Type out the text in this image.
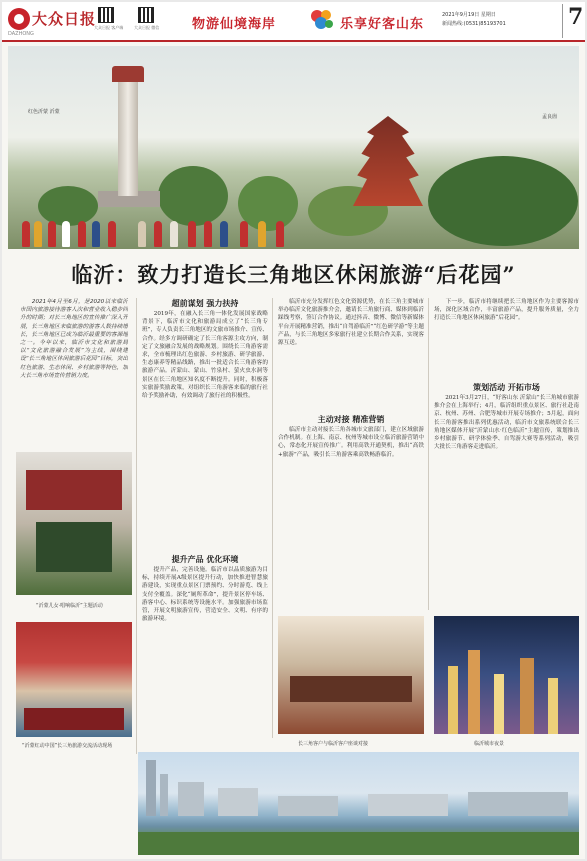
大众日报
DAZHONG
大众日报 客户端	大众日报 微信	物游仙境海岸	乐享好客山东
2021年9月19日 星期日
新闻热线:(0531)85193701	7
红色沂蒙 沂蒙
孟良崮
临沂：致力打造长三角地区休闲旅游“后花园”
　　2021年4月至6月，是2020以来临沂市国内旅游接待游客人次和营业收入稳步回升的时期；对长三角地区的宣传推广深入开展，长三角地区来临旅游的游客人数持续增长，长三角地区已成为临沂最重要的客源地之一。今年以来，临沂市文化和旅游局以“文化旅游融合发展”为主线，围绕建设“长三角地区休闲旅游后花园”目标，突出红色旅游、生态休闲、乡村旅游等特色，加大长三角市场宣传营销力度。
“沂蒙儿女·唱响临沂”主题活动
“沂蒙红动中国”长三角旅游交流活动现场
超前谋划 强力扶持
　　2019年，在融入长三角一体化发展国家战略背景下，临沂市文化和旅游局成立了“长三角专班”，专人负责长三角地区的文旅市场推介、宣传、合作。经多方调研确定了长三角客源主攻方向，制定了文旅融合发展的战略规划。围绕长三角游客需求，全市梳理出红色旅游、乡村旅游、研学旅游、生态康养等精品线路，推出一批适合长三角游客的旅游产品。沂蒙山、蒙山、竹泉村、萤火虫水洞等景区在长三角地区知名度不断提升。同时，积极落实旅游奖励政策，对组织长三角游客来临的旅行社给予奖励补助，有效调动了旅行社的积极性。
提升产品 优化环境
　　提升产品，完善设施。临沂市以品质旅游为目标，持续开展A级景区提升行动，加快推进智慧旅游建设，实现重点景区门票预约、分时游览、线上支付全覆盖。深化“厕所革命”，提升景区停车场、游客中心、标识系统等设施水平。加强旅游市场监管，开展文明旅游宣传，营造安全、文明、有序的旅游环境。
　　临沂市充分发挥红色文化资源优势，在长三角主要城市举办临沂文化旅游推介会，邀请长三角旅行商、媒体到临沂踩线考察，签订合作协议。通过抖音、微博、微信等新媒体平台开展精准营销，推出“自驾游临沂”“红色研学游”等主题产品，与长三角地区多家旅行社建立长期合作关系，实现客源互送。
主动对接 精准营销
　　临沂市主动对接长三角各城市文旅部门，建立区域旅游合作机制。在上海、南京、杭州等城市设立临沂旅游营销中心，常态化开展宣传推广。利用高铁开通契机，推出“高铁+旅游”产品，吸引长三角游客乘高铁畅游临沂。
　　下一步，临沂市将继续把长三角地区作为主要客源市场，深化区域合作，丰富旅游产品，提升服务质量，全力打造长三角地区休闲旅游“后花园”。
策划活动 开拓市场
　　2021年3月27日，“好客山东 沂蒙山”长三角城市旅游推介会在上海举行；4月，临沂组织重点景区、旅行社赴南京、杭州、苏州、合肥等城市开展专场推介；5月起，面向长三角游客推出系列优惠活动，临沂市文旅系统联合长三角地区媒体开展“沂蒙山水·红色临沂”主题宣传，策划推出乡村旅游节、研学体验季、自驾游大赛等系列活动，吸引大批长三角游客走进临沂。
长三角客户与临沂客户座谈对接	临沂城市夜景
